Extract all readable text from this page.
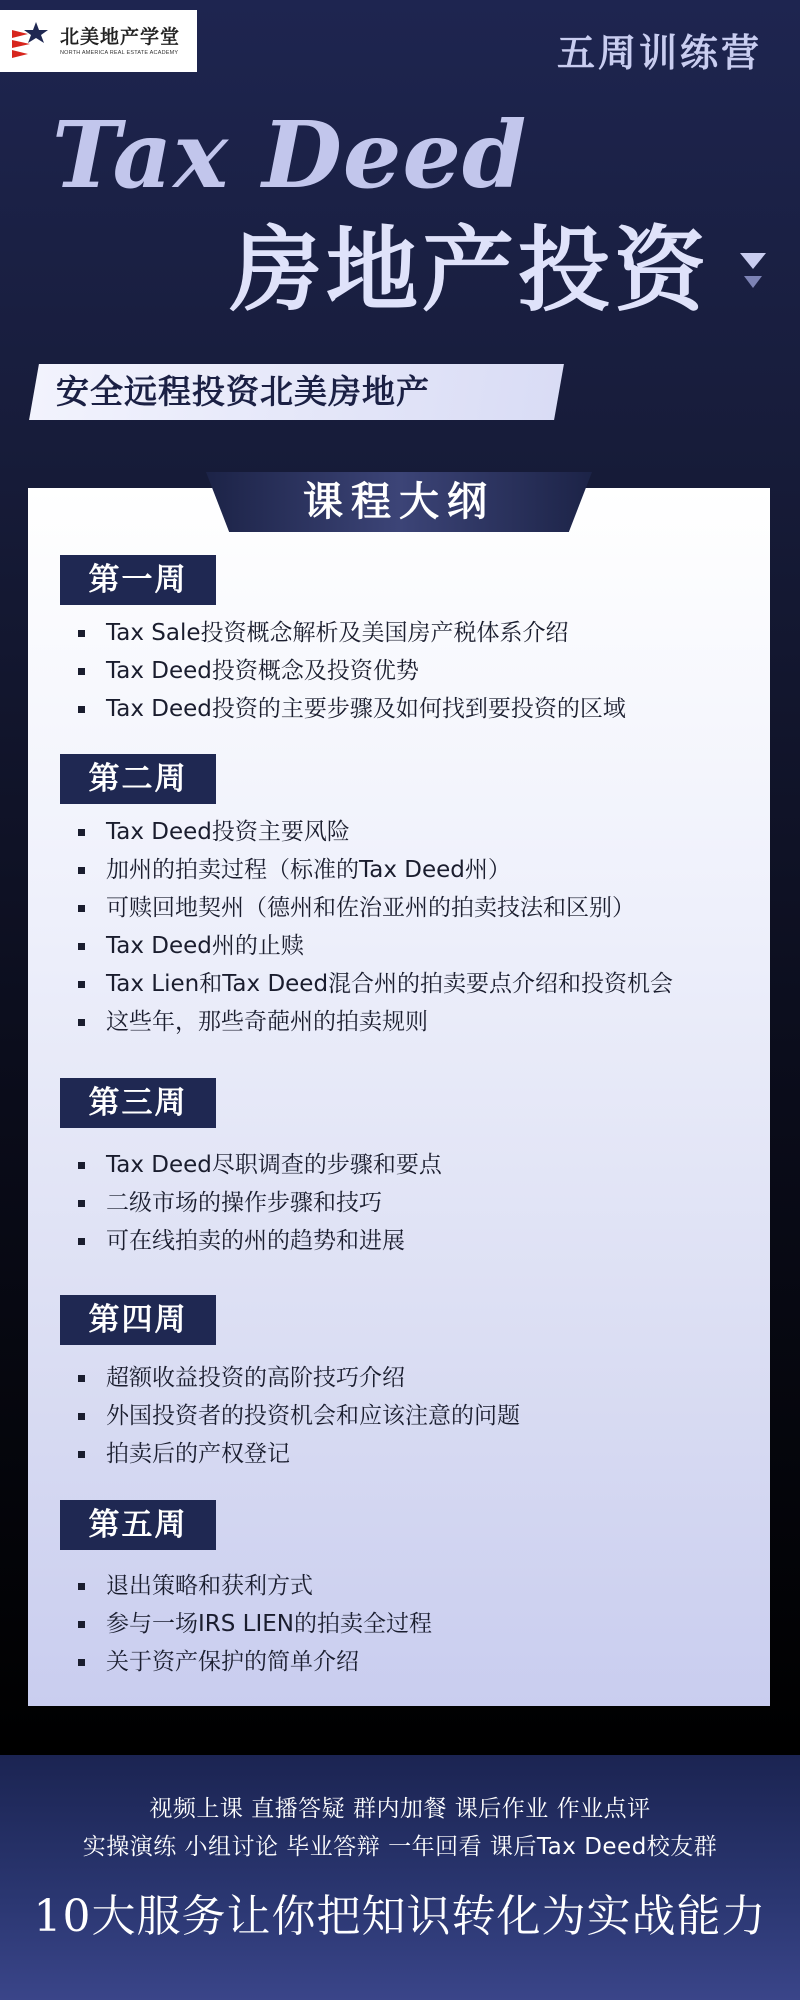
北美地产学堂
NORTH AMERICA REAL ESTATE ACADEMY	五周训练营
Tax Deed
房地产投资
安全远程投资北美房地产
课程大纲
第一周
Tax Sale投资概念解析及美国房产税体系介绍
Tax Deed投资概念及投资优势
Tax Deed投资的主要步骤及如何找到要投资的区域
第二周
Tax Deed投资主要风险
加州的拍卖过程（标准的Tax Deed州）
可赎回地契州（德州和佐治亚州的拍卖技法和区别）
Tax Deed州的止赎
Tax Lien和Tax Deed混合州的拍卖要点介绍和投资机会
这些年，那些奇葩州的拍卖规则
第三周
Tax Deed尽职调查的步骤和要点
二级市场的操作步骤和技巧
可在线拍卖的州的趋势和进展
第四周
超额收益投资的高阶技巧介绍
外国投资者的投资机会和应该注意的问题
拍卖后的产权登记
第五周
退出策略和获利方式
参与一场IRS LIEN的拍卖全过程
关于资产保护的简单介绍
视频上课 直播答疑 群内加餐 课后作业 作业点评
实操演练 小组讨论 毕业答辩 一年回看 课后Tax Deed校友群
10大服务让你把知识转化为实战能力
